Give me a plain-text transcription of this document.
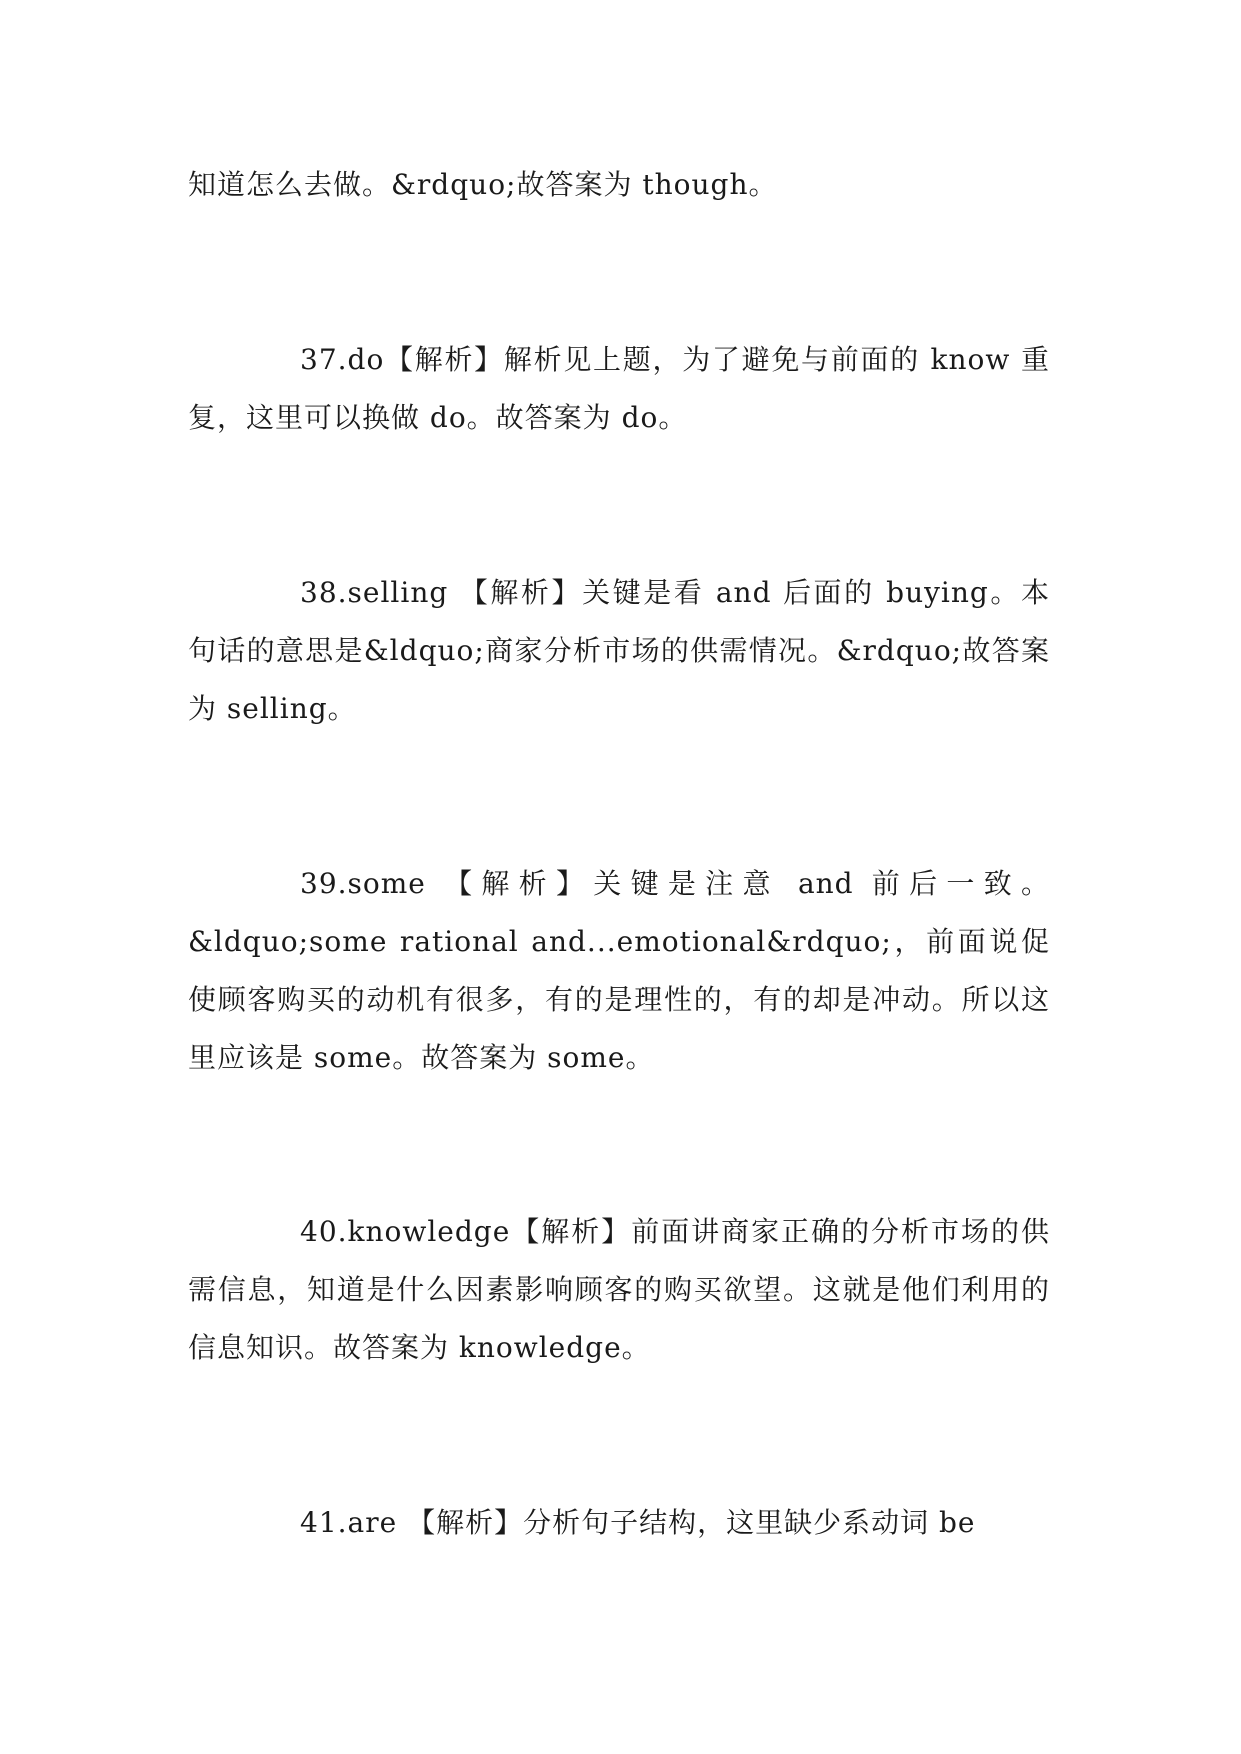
知道怎么去做。&rdquo;故答案为 though。

37.do【解析】解析见上题，为了避免与前面的 know 重复，这里可以换做 do。故答案为 do。

38.selling 【解析】关键是看 and 后面的 buying。本句话的意思是&ldquo;商家分析市场的供需情况。&rdquo;故答案为 selling。

39.some 【解析】关键是注意 and 前后一致。&ldquo;some rational and...emotional&rdquo;，前面说促使顾客购买的动机有很多，有的是理性的，有的却是冲动。所以这里应该是 some。故答案为 some。

40.knowledge【解析】前面讲商家正确的分析市场的供需信息，知道是什么因素影响顾客的购买欲望。这就是他们利用的信息知识。故答案为 knowledge。

41.are 【解析】分析句子结构，这里缺少系动词 be
